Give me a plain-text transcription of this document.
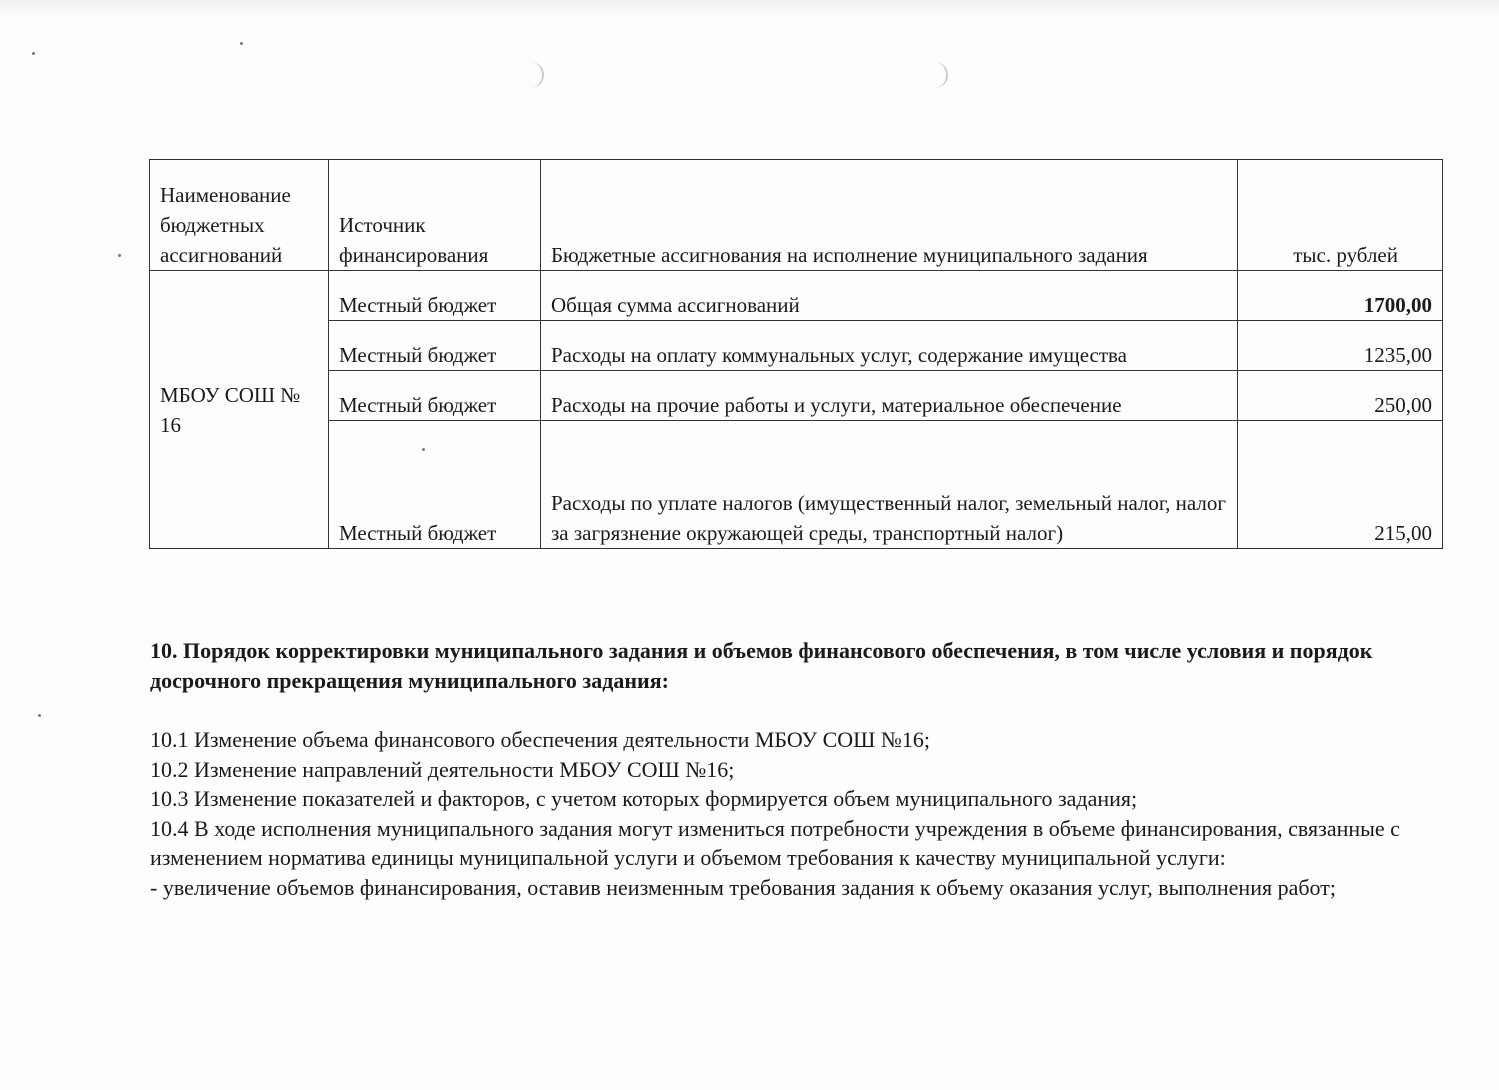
Наименование бюджетных ассигнований	Источник финансирования	Бюджетные ассигнования на исполнение муниципального задания	тыс. рублей
МБОУ СОШ № 16	Местный бюджет	Общая сумма ассигнований	1700,00
	Местный бюджет	Расходы на оплату коммунальных услуг, содержание имущества	1235,00
	Местный бюджет	Расходы на прочие работы и услуги, материальное обеспечение	250,00
	Местный бюджет	Расходы по уплате налогов (имущественный налог, земельный налог, налог за загрязнение окружающей среды, транспортный налог)	215,00
10. Порядок корректировки муниципального задания и объемов финансового обеспечения, в том числе условия и порядок досрочного прекращения муниципального задания:

10.1 Изменение объема финансового обеспечения деятельности МБОУ СОШ №16;

10.2 Изменение направлений деятельности МБОУ СОШ №16;

10.3 Изменение показателей и факторов, с учетом которых формируется объем муниципального задания;

10.4 В ходе исполнения муниципального задания могут измениться потребности учреждения в объеме финансирования, связанные с изменением норматива единицы муниципальной услуги и объемом требования к качеству муниципальной услуги:

- увеличение объемов финансирования, оставив неизменным требования задания к объему оказания услуг, выполнения работ;
